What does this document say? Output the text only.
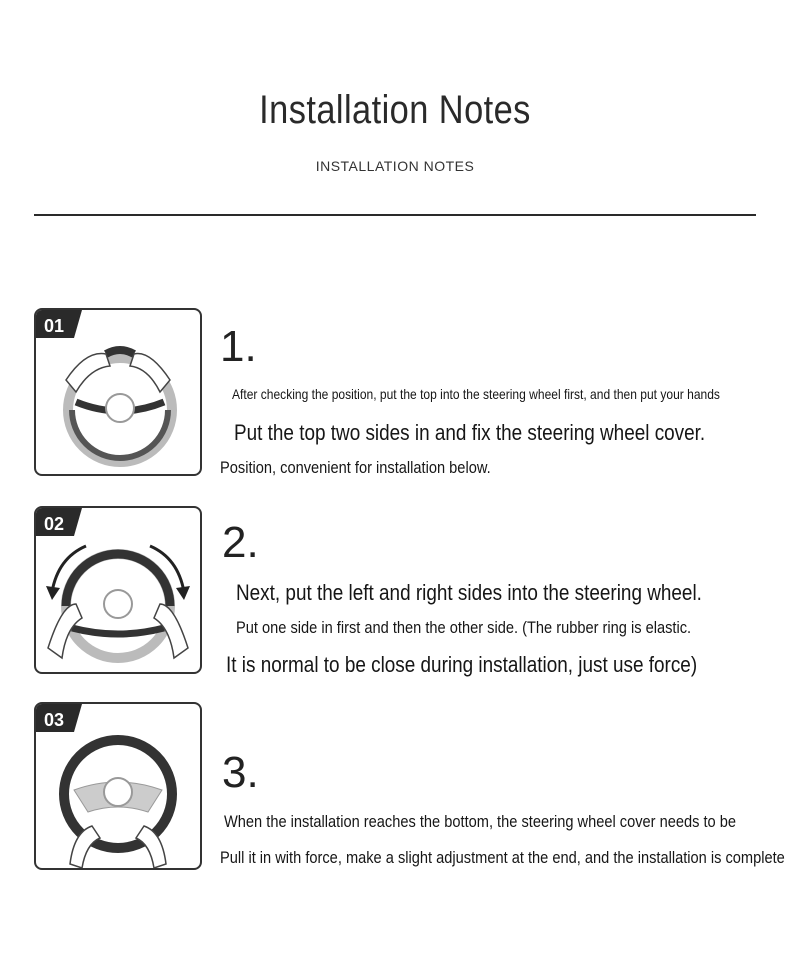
Installation Notes
INSTALLATION NOTES
01	1.
After checking the position, put the top into the steering wheel first, and then put your hands
Put the top two sides in and fix the steering wheel cover.
Position, convenient for installation below.
02	2.
Next, put the left and right sides into the steering wheel.
Put one side in first and then the other side. (The rubber ring is elastic.
It is normal to be close during installation, just use force)
03
3.
When the installation reaches the bottom, the steering wheel cover needs to be
Pull it in with force, make a slight adjustment at the end, and the installation is complete
